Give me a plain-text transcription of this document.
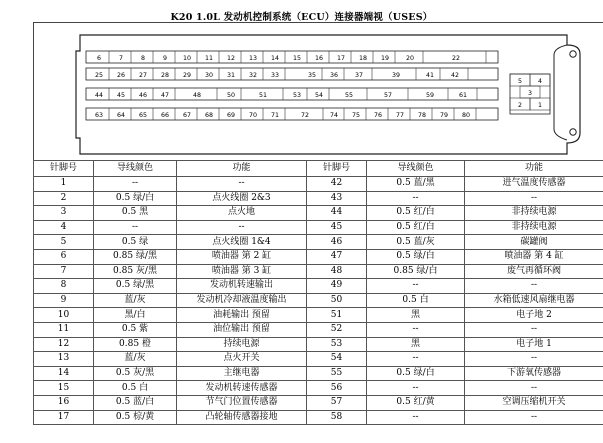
K20 1.0L 发动机控制系统（ECU）连接器端视（USES）
6	7	8	9	10 11 12 13 14 15 16 17 18 19	20	22
25 26 27 28 29 30 31 32 33	35 36	37	39	41	42
44 45 46 47	48	50	51	53 54	55	57	59	61
63 64 65 66 67 68 69 70 71	72	74 75 76 77 78 79 80
5	4
3
2	1
针脚号	导线颜色	功能	针脚号	导线颜色	功能
1	--	--	42	0.5 蓝/黑	进气温度传感器
2	0.5 绿/白	点火线圈 2&3	43	--	--
3	0.5 黑	点火地	44	0.5 红/白	非持续电源
4	--	--	45	0.5 红/白	非持续电源
5	0.5 绿	点火线圈 1&4	46	0.5 蓝/灰	碳罐阀
6	0.85 绿/黑	喷油器 第 2 缸	47	0.5 绿/白	喷油器 第 4 缸
7	0.85 灰/黑	喷油器 第 3 缸	48	0.85 绿/白	废气再循环阀
8	0.5 绿/黑	发动机转速输出	49	--	--
9	蓝/灰	发动机冷却液温度输出	50	0.5 白	水箱低速风扇继电器
10	黑/白	油耗输出 预留	51	黑	电子地 2
11	0.5 紫	油位输出 预留	52	--	--
12	0.85 橙	持续电源	53	黑	电子地 1
13	蓝/灰	点火开关	54	--	--
14	0.5 灰/黑	主继电器	55	0.5 绿/白	下游氧传感器
15	0.5 白	发动机转速传感器	56	--	--
16	0.5 蓝/白	节气门位置传感器	57	0.5 红/黄	空调压缩机开关
17	0.5 棕/黄	凸轮轴传感器接地	58	--	--
